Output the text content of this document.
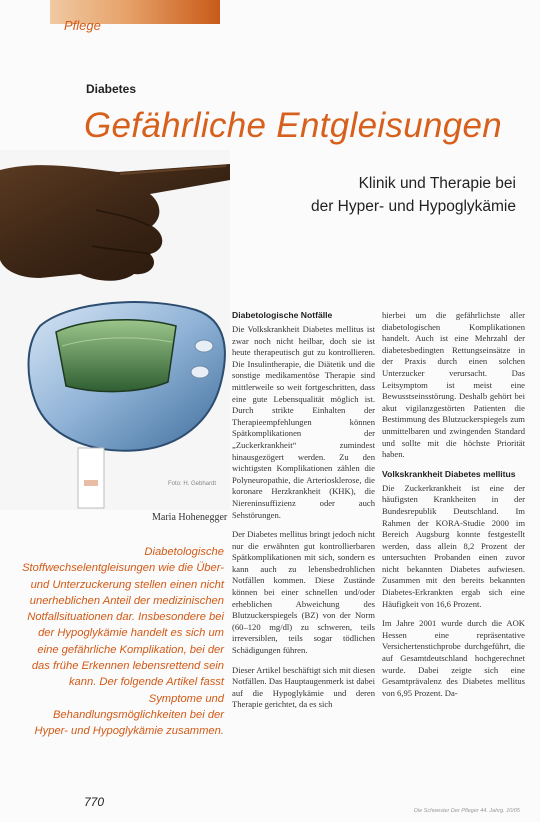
Pflege
Diabetes
Gefährliche Entgleisungen
Klinik und Therapie bei
der Hyper- und Hypoglykämie
Foto: H. Gebhardt
Maria Hohenegger
Diabetologische Stoffwechselentgleisungen wie die Über- und Unterzuckerung stellen einen nicht unerheblichen Anteil der medizinischen Notfallsituationen dar. Insbesondere bei der Hypoglykämie handelt es sich um eine gefährliche Komplikation, bei der das frühe Erkennen lebensrettend sein kann. Der folgende Artikel fasst Symptome und Behandlungsmöglichkeiten bei der Hyper- und Hypoglykämie zusammen.
Diabetologische Notfälle

Die Volkskrankheit Diabetes mellitus ist zwar noch nicht heilbar, doch sie ist heute therapeutisch gut zu kontrollieren. Die Insulintherapie, die Diätetik und die sonstige medikamentöse Therapie sind mittlerweile so weit fortgeschritten, dass eine gute Lebensqualität möglich ist. Durch strikte Einhalten der Therapieempfehlungen können Spätkomplikationen der „Zuckerkrankheit“ zumindest hinausgezögert werden. Zu den wichtigsten Komplikationen zählen die Polyneuropathie, die Arteriosklerose, die koronare Herzkrankheit (KHK), die Niereninsuffizienz oder auch Sehstörungen.

Der Diabetes mellitus bringt jedoch nicht nur die erwähnten gut kontrollierbaren Spätkomplikationen mit sich, sondern es kann auch zu lebensbedrohlichen Notfällen kommen. Diese Zustände können bei einer schnellen und/oder erheblichen Abweichung des Blutzuckerspiegels (BZ) von der Norm (60–120 mg/dl) zu schweren, teils irreversiblen, teils sogar tödlichen Schädigungen führen.

Dieser Artikel beschäftigt sich mit diesen Notfällen. Das Hauptaugenmerk ist dabei auf die Hypoglykämie und deren Therapie gerichtet, da es sich

hierbei um die gefährlichste aller diabetologischen Komplikationen handelt. Auch ist eine Mehrzahl der diabetesbedingten Rettungseinsätze in der Praxis durch einen solchen Unterzucker verursacht. Das Leitsymptom ist meist eine Bewusstseinsstörung. Deshalb gehört bei akut vigilanzgestörten Patienten die Bestimmung des Blutzuckerspiegels zum unmittelbaren und zwingenden Standard und sollte mit die höchste Priorität haben.

Volkskrankheit Diabetes mellitus

Die Zuckerkrankheit ist eine der häufigsten Krankheiten in der Bundesrepublik Deutschland. Im Rahmen der KORA-Studie 2000 im Bereich Augsburg konnte festgestellt werden, dass allein 8,2 Prozent der untersuchten Probanden einen zuvor nicht bekannten Diabetes aufwiesen. Zusammen mit den bereits bekannten Diabetes-Erkrankten ergab sich eine Häufigkeit von 16,6 Prozent.

Im Jahre 2001 wurde durch die AOK Hessen eine repräsentative Versichertenstichprobe durchgeführt, die auf Gesamtdeutschland hochgerechnet wurde. Dabei zeigte sich eine Gesamtprävalenz des Diabetes mellitus von 6,95 Prozent. Da-

770
Die Schwester Der Pfleger 44. Jahrg. 10/05
